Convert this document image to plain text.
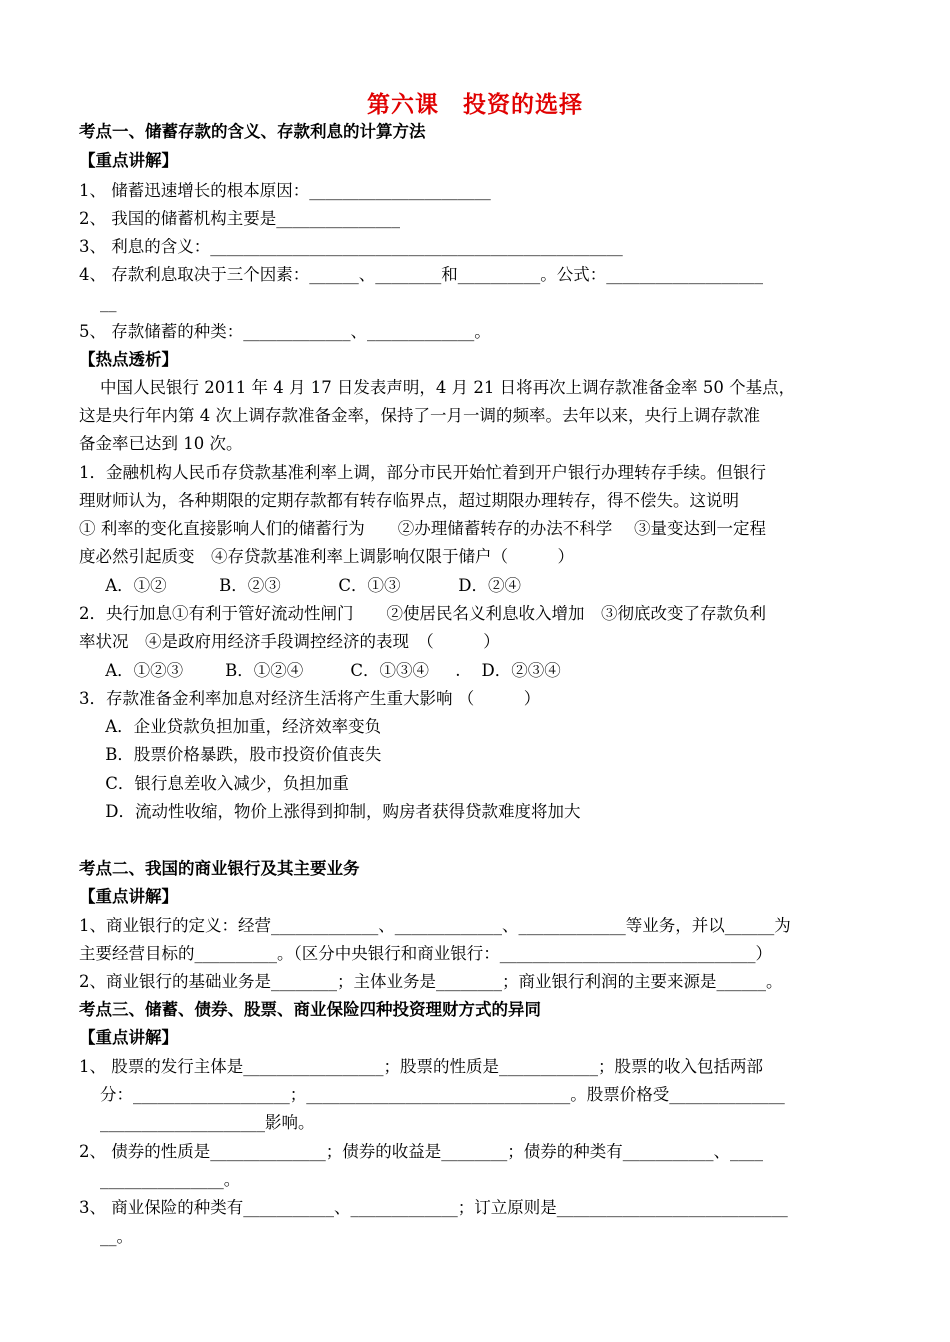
第六课　投资的选择
考点一、储蓄存款的含义、存款利息的计算方法
【重点讲解】
1、 储蓄迅速增长的根本原因：______________________
2、 我国的储蓄机构主要是_______________
3、 利息的含义：__________________________________________________
4、 存款利息取决于三个因素：______、________和__________。公式：___________________
__
5、 存款储蓄的种类：_____________、_____________。
【热点透析】
中国人民银行 2011 年 4 月 17 日发表声明，4 月 21 日将再次上调存款准备金率 50 个基点，
这是央行年内第 4 次上调存款准备金率，保持了一月一调的频率。去年以来，央行上调存款准
备金率已达到 10 次。
1．金融机构人民币存贷款基准利率上调，部分市民开始忙着到开户银行办理转存手续。但银行
理财师认为，各种期限的定期存款都有转存临界点，超过期限办理转存，得不偿失。这说明
① 利率的变化直接影响人们的储蓄行为　　②办理储蓄转存的办法不科学　 ③量变达到一定程
度必然引起质变　④存贷款基准利率上调影响仅限于储户（　　　）
A．①②          B．②③           C．①③           D．②④
2．央行加息①有利于管好流动性闸门　　②使居民名义利息收入增加　③彻底改变了存款负利
率状况　④是政府用经济手段调控经济的表现　（　　　）
A．①②③        B．①②④         C．①③④     .    D．②③④
3．存款准备金利率加息对经济生活将产生重大影响 （　　　）
A．企业贷款负担加重，经济效率变负
B．股票价格暴跌，股市投资价值丧失
C．银行息差收入减少，负担加重
D．流动性收缩，物价上涨得到抑制，购房者获得贷款难度将加大
考点二、我国的商业银行及其主要业务
【重点讲解】
1、商业银行的定义：经营_____________、_____________、_____________等业务，并以______为
主要经营目标的__________。（区分中央银行和商业银行：_______________________________）
2、商业银行的基础业务是________；主体业务是________；商业银行利润的主要来源是______。
考点三、储蓄、债券、股票、商业保险四种投资理财方式的异同
【重点讲解】
1、 股票的发行主体是_________________；股票的性质是____________；股票的收入包括两部
分：___________________；________________________________。股票价格受______________
____________________影响。
2、 债券的性质是______________；债券的收益是________；债券的种类有___________、____
_______________。
3、 商业保险的种类有___________、_____________；订立原则是____________________________
__。
